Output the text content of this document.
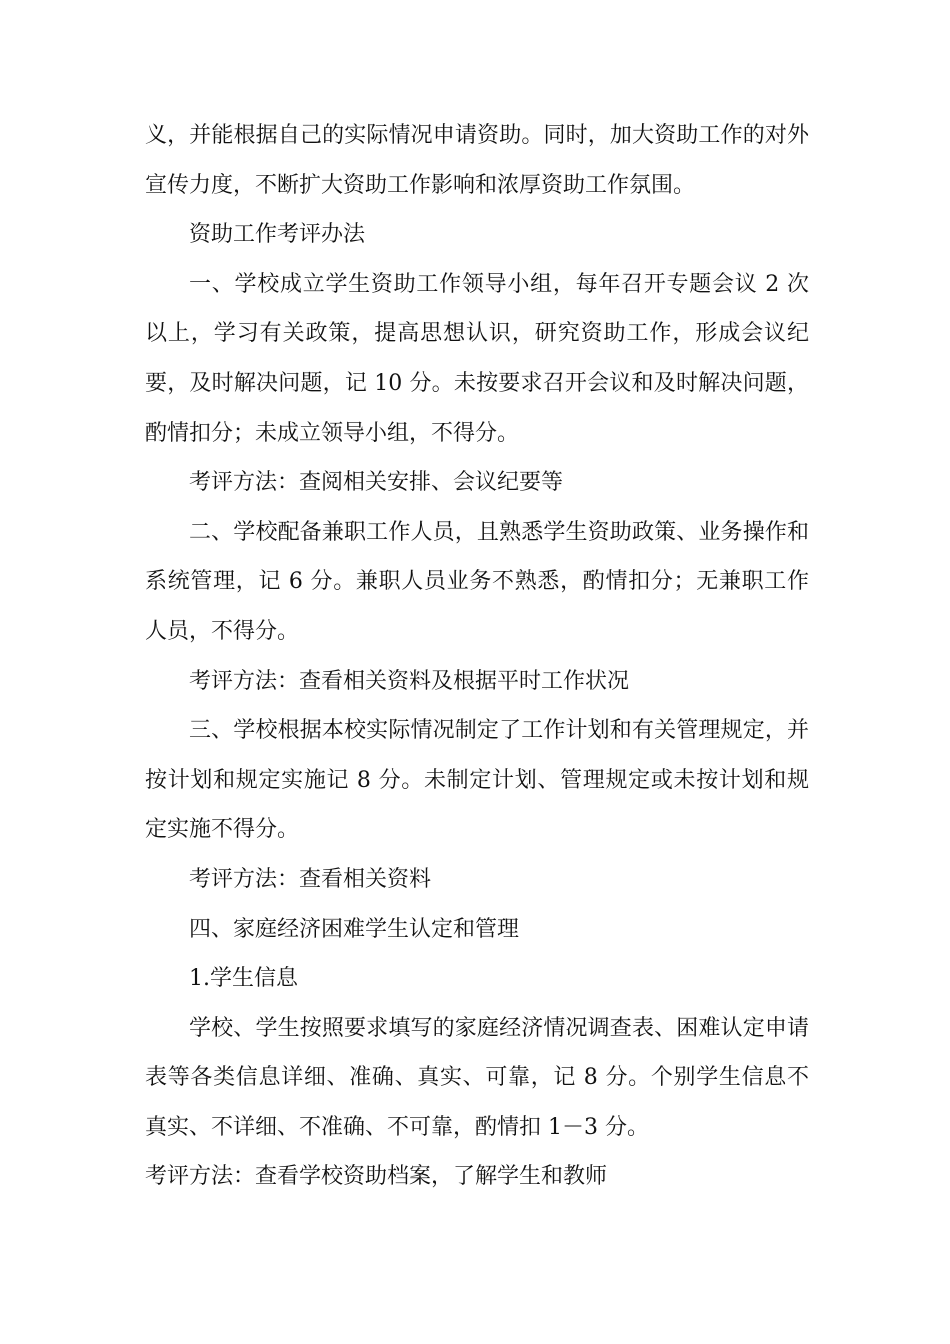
义，并能根据自己的实际情况申请资助。同时，加大资助工作的对外宣传力度，不断扩大资助工作影响和浓厚资助工作氛围。

资助工作考评办法

一、学校成立学生资助工作领导小组，每年召开专题会议 2 次以上，学习有关政策，提高思想认识，研究资助工作，形成会议纪要，及时解决问题，记 10 分。未按要求召开会议和及时解决问题，酌情扣分；未成立领导小组，不得分。

考评方法：查阅相关安排、会议纪要等

二、学校配备兼职工作人员，且熟悉学生资助政策、业务操作和系统管理，记 6 分。兼职人员业务不熟悉，酌情扣分；无兼职工作人员，不得分。

考评方法：查看相关资料及根据平时工作状况

三、学校根据本校实际情况制定了工作计划和有关管理规定，并按计划和规定实施记 8 分。未制定计划、管理规定或未按计划和规定实施不得分。

考评方法：查看相关资料

四、家庭经济困难学生认定和管理

1.学生信息

学校、学生按照要求填写的家庭经济情况调查表、困难认定申请表等各类信息详细、准确、真实、可靠，记 8 分。个别学生信息不真实、不详细、不准确、不可靠，酌情扣 1－3 分。

考评方法：查看学校资助档案，了解学生和教师
